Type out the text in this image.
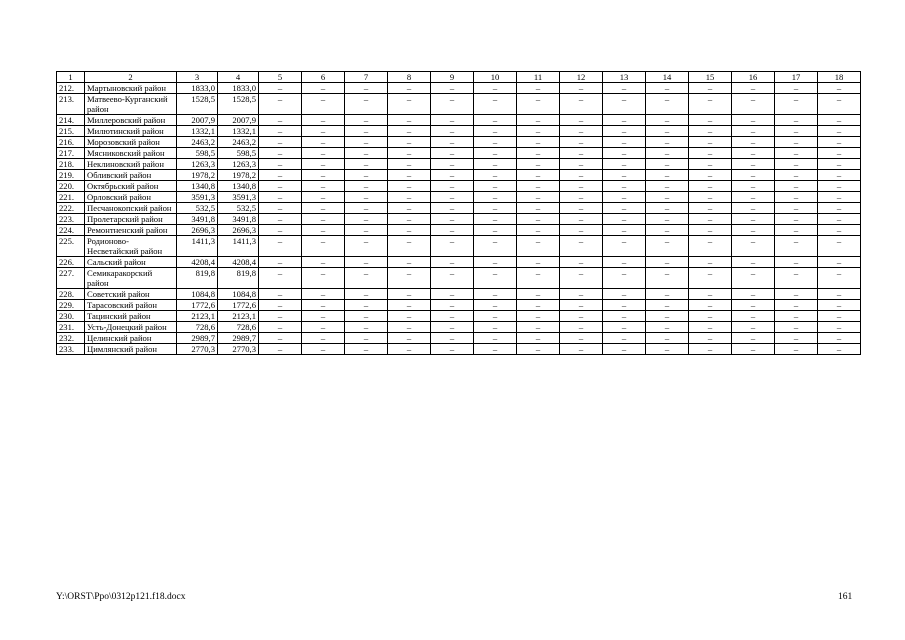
1	2	3	4	5	6	7	8	9	10	11	12	13	14	15	16	17	18
212.	Мартыновский район	1833,0	1833,0	–	–	–	–	–	–	–	–	–	–	–	–	–	–
213.	Матвеево-Курганский район	1528,5	1528,5	–	–	–	–	–	–	–	–	–	–	–	–	–	–
214.	Миллеровский район	2007,9	2007,9	–	–	–	–	–	–	–	–	–	–	–	–	–	–
215.	Милютинский район	1332,1	1332,1	–	–	–	–	–	–	–	–	–	–	–	–	–	–
216.	Морозовский район	2463,2	2463,2	–	–	–	–	–	–	–	–	–	–	–	–	–	–
217.	Мясниковский район	598,5	598,5	–	–	–	–	–	–	–	–	–	–	–	–	–	–
218.	Неклиновский район	1263,3	1263,3	–	–	–	–	–	–	–	–	–	–	–	–	–	–
219.	Обливский район	1978,2	1978,2	–	–	–	–	–	–	–	–	–	–	–	–	–	–
220.	Октябрьский район	1340,8	1340,8	–	–	–	–	–	–	–	–	–	–	–	–	–	–
221.	Орловский район	3591,3	3591,3	–	–	–	–	–	–	–	–	–	–	–	–	–	–
222.	Песчанокопский район	532,5	532,5	–	–	–	–	–	–	–	–	–	–	–	–	–	–
223.	Пролетарский район	3491,8	3491,8	–	–	–	–	–	–	–	–	–	–	–	–	–	–
224.	Ремонтненский район	2696,3	2696,3	–	–	–	–	–	–	–	–	–	–	–	–	–	–
225.	Родионово-Несветайский район	1411,3	1411,3	–	–	–	–	–	–	–	–	–	–	–	–	–	–
226.	Сальский район	4208,4	4208,4	–	–	–	–	–	–	–	–	–	–	–	–	–	–
227.	Семикаракорский район	819,8	819,8	–	–	–	–	–	–	–	–	–	–	–	–	–	–
228.	Советский район	1084,8	1084,8	–	–	–	–	–	–	–	–	–	–	–	–	–	–
229.	Тарасовский район	1772,6	1772,6	–	–	–	–	–	–	–	–	–	–	–	–	–	–
230.	Тацинский район	2123,1	2123,1	–	–	–	–	–	–	–	–	–	–	–	–	–	–
231.	Усть-Донецкий район	728,6	728,6	–	–	–	–	–	–	–	–	–	–	–	–	–	–
232.	Целинский район	2989,7	2989,7	–	–	–	–	–	–	–	–	–	–	–	–	–	–
233.	Цимлянский район	2770,3	2770,3	–	–	–	–	–	–	–	–	–	–	–	–	–	–
Y:\ORST\Ppo\0312p121.f18.docx	161
